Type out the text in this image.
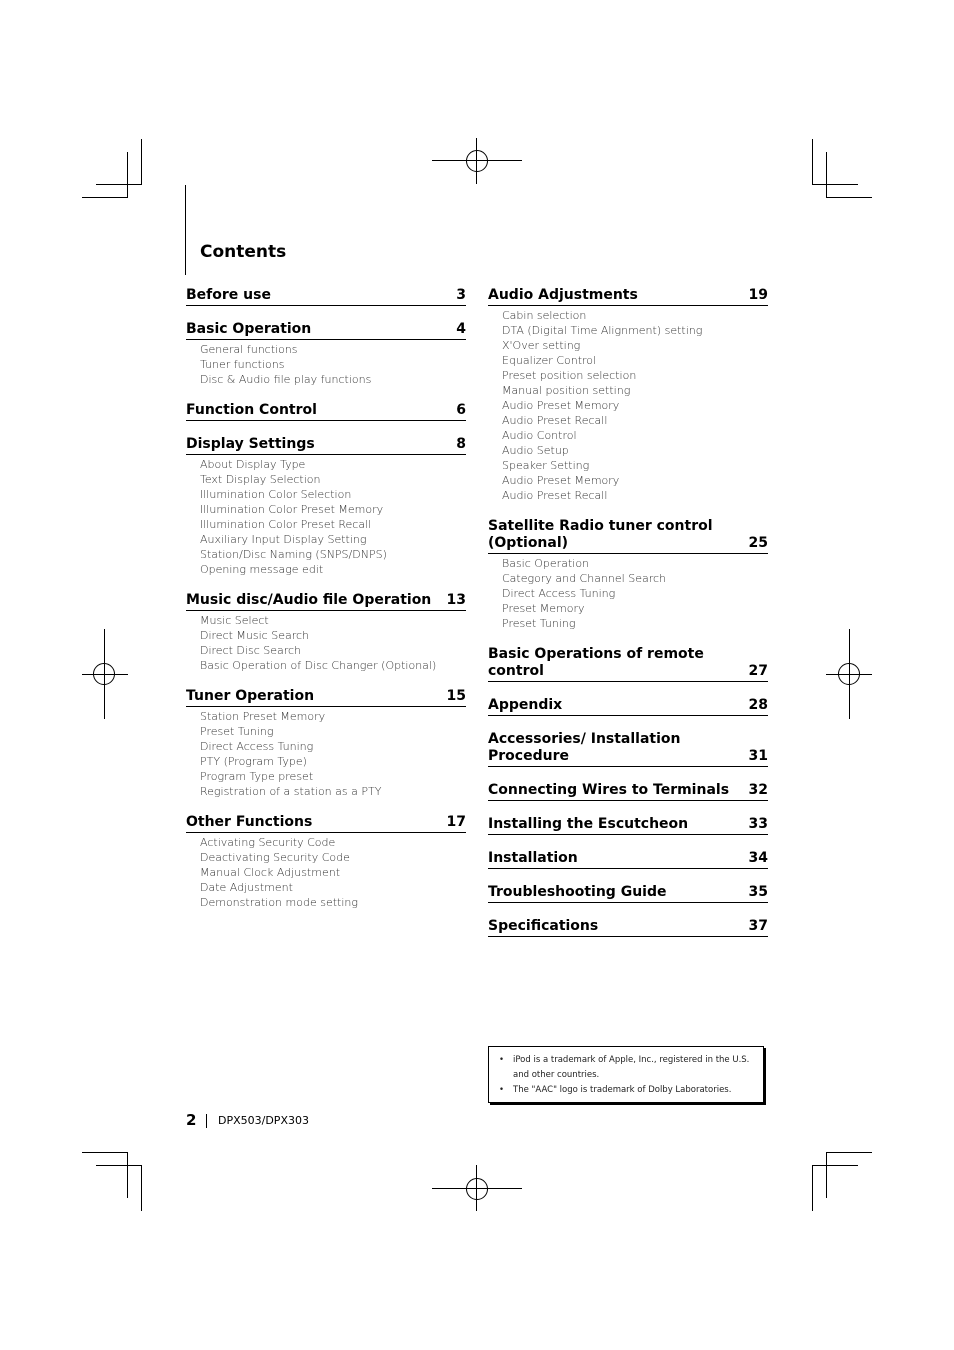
Contents
Before use	3
Basic Operation	4
General functions
Tuner functions
Disc & Audio file play functions
Function Control	6
Display Settings	8
About Display Type
Text Display Selection
Illumination Color Selection
Illumination Color Preset Memory
Illumination Color Preset Recall
Auxiliary Input Display Setting
Station/Disc Naming (SNPS/DNPS)
Opening message edit
Music disc/Audio file Operation	13
Music Select
Direct Music Search
Direct Disc Search
Basic Operation of Disc Changer (Optional)
Tuner Operation	15
Station Preset Memory
Preset Tuning
Direct Access Tuning
PTY (Program Type)
Program Type preset
Registration of a station as a PTY
Other Functions	17
Activating Security Code
Deactivating Security Code
Manual Clock Adjustment
Date Adjustment
Demonstration mode setting
Audio Adjustments	19
Cabin selection
DTA (Digital Time Alignment) setting
X'Over setting
Equalizer Control
Preset position selection
Manual position setting
Audio Preset Memory
Audio Preset Recall
Audio Control
Audio Setup
Speaker Setting
Audio Preset Memory
Audio Preset Recall
Satellite Radio tuner control (Optional)	25
Basic Operation
Category and Channel Search
Direct Access Tuning
Preset Memory
Preset Tuning
Basic Operations of remote control	27
Appendix	28
Accessories/ Installation Procedure	31
Connecting Wires to Terminals	32
Installing the Escutcheon	33
Installation	34
Troubleshooting Guide	35
Specifications	37
• iPod is a trademark of Apple, Inc., registered in the U.S. and other countries.
• The "AAC" logo is trademark of Dolby Laboratories.
2 DPX503/DPX303
